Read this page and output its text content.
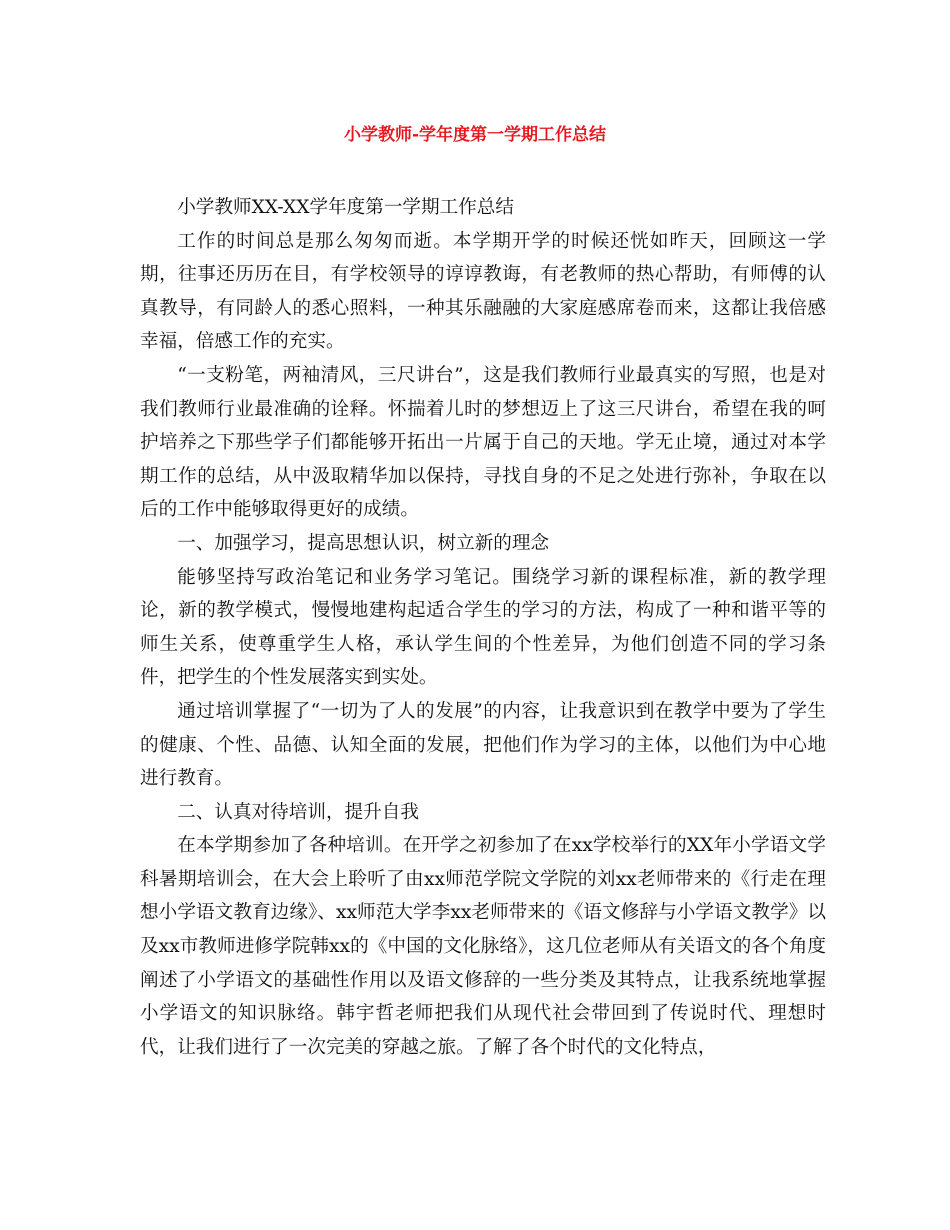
小学教师-学年度第一学期工作总结

小学教师XX-XX学年度第一学期工作总结

工作的时间总是那么匆匆而逝。本学期开学的时候还恍如昨天，回顾这一学期，往事还历历在目，有学校领导的谆谆教诲，有老教师的热心帮助，有师傅的认真教导，有同龄人的悉心照料，一种其乐融融的大家庭感席卷而来，这都让我倍感幸福，倍感工作的充实。

“一支粉笔，两袖清风，三尺讲台”，这是我们教师行业最真实的写照，也是对我们教师行业最准确的诠释。怀揣着儿时的梦想迈上了这三尺讲台，希望在我的呵护培养之下那些学子们都能够开拓出一片属于自己的天地。学无止境，通过对本学期工作的总结，从中汲取精华加以保持，寻找自身的不足之处进行弥补，争取在以后的工作中能够取得更好的成绩。

一、加强学习，提高思想认识，树立新的理念

能够坚持写政治笔记和业务学习笔记。围绕学习新的课程标准，新的教学理论，新的教学模式，慢慢地建构起适合学生的学习的方法，构成了一种和谐平等的师生关系，使尊重学生人格，承认学生间的个性差异，为他们创造不同的学习条件，把学生的个性发展落实到实处。

通过培训掌握了“一切为了人的发展”的内容，让我意识到在教学中要为了学生的健康、个性、品德、认知全面的发展，把他们作为学习的主体，以他们为中心地进行教育。

二、认真对待培训，提升自我

在本学期参加了各种培训。在开学之初参加了在xx学校举行的XX年小学语文学科暑期培训会，在大会上聆听了由xx师范学院文学院的刘xx老师带来的《行走在理想小学语文教育边缘》、xx师范大学李xx老师带来的《语文修辞与小学语文教学》以及xx市教师进修学院韩xx的《中国的文化脉络》，这几位老师从有关语文的各个角度阐述了小学语文的基础性作用以及语文修辞的一些分类及其特点，让我系统地掌握小学语文的知识脉络。韩宇哲老师把我们从现代社会带回到了传说时代、理想时代，让我们进行了一次完美的穿越之旅。了解了各个时代的文化特点，
